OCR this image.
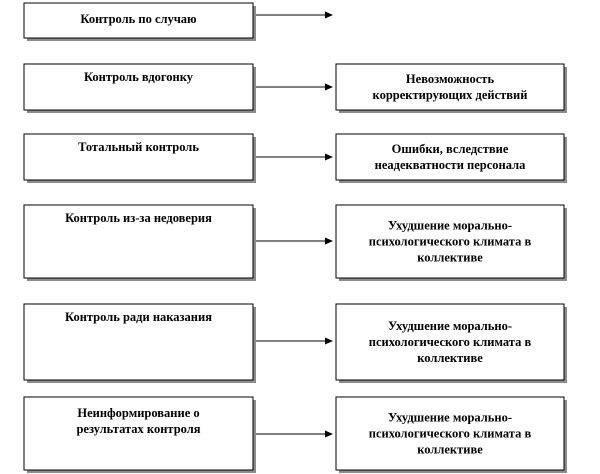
Контроль по случаю
Контроль вдогонку
Тотальный контроль
Контроль из-за недоверия
Контроль ради наказания
Неинформирование о
результатах контроля
Невозможность
корректирующих действий
Ошибки, вследствие
неадекватности персонала
Ухудшение морально-
психологического климата в
коллективе
Ухудшение морально-
психологического климата в
коллективе
Ухудшение морально-
психологического климата в
коллективе
